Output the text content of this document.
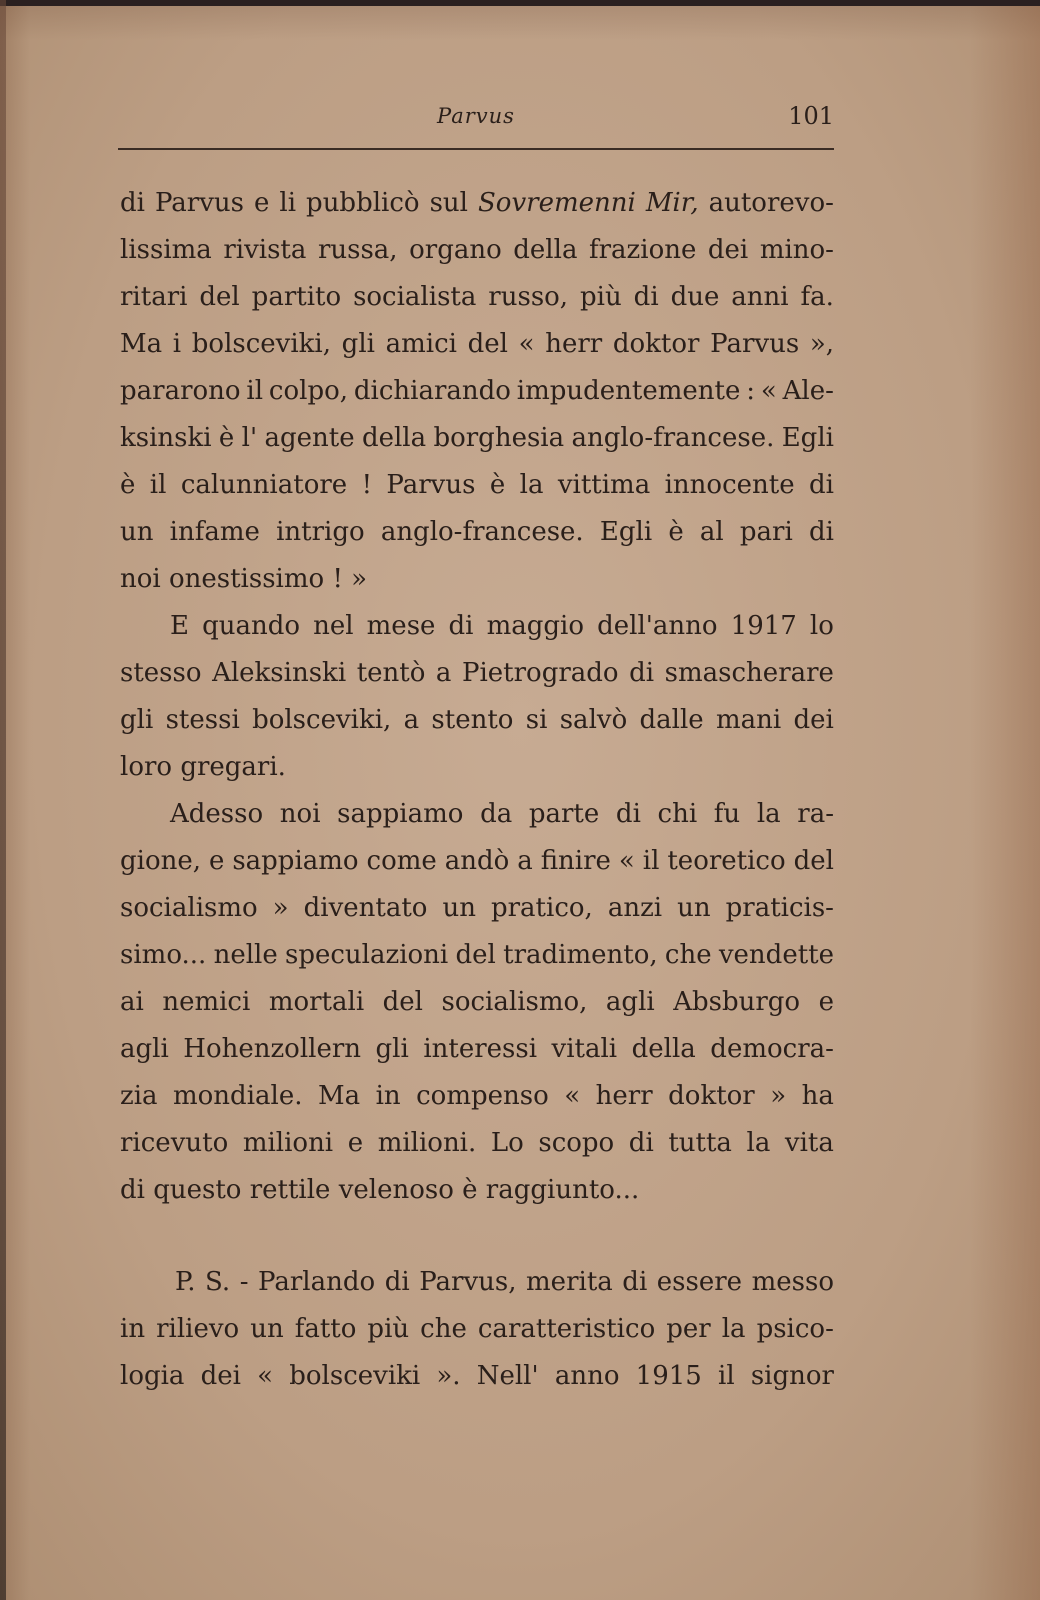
Parvus	101
di Parvus e li pubblicò sul Sovremenni Mir, autorevo-
lissima rivista russa, organo della frazione dei mino-
ritari del partito socialista russo, più di due anni fa.
Ma i bolsceviki, gli amici del « herr doktor Parvus »,
pararono il colpo, dichiarando impudentemente : « Ale-
ksinski è l' agente della borghesia anglo-francese. Egli
è il calunniatore ! Parvus è la vittima innocente di
un infame intrigo anglo-francese. Egli è al pari di
noi onestissimo ! »
E quando nel mese di maggio dell'anno 1917 lo
stesso Aleksinski tentò a Pietrogrado di smascherare
gli stessi bolsceviki, a stento si salvò dalle mani dei
loro gregari.
Adesso noi sappiamo da parte di chi fu la ra-
gione, e sappiamo come andò a finire « il teoretico del
socialismo » diventato un pratico, anzi un praticis-
simo... nelle speculazioni del tradimento, che vendette
ai nemici mortali del socialismo, agli Absburgo e
agli Hohenzollern gli interessi vitali della democra-
zia mondiale. Ma in compenso « herr doktor » ha
ricevuto milioni e milioni. Lo scopo di tutta la vita
di questo rettile velenoso è raggiunto...
P. S. - Parlando di Parvus, merita di essere messo
in rilievo un fatto più che caratteristico per la psico-
logia dei « bolsceviki ». Nell' anno 1915 il signor
